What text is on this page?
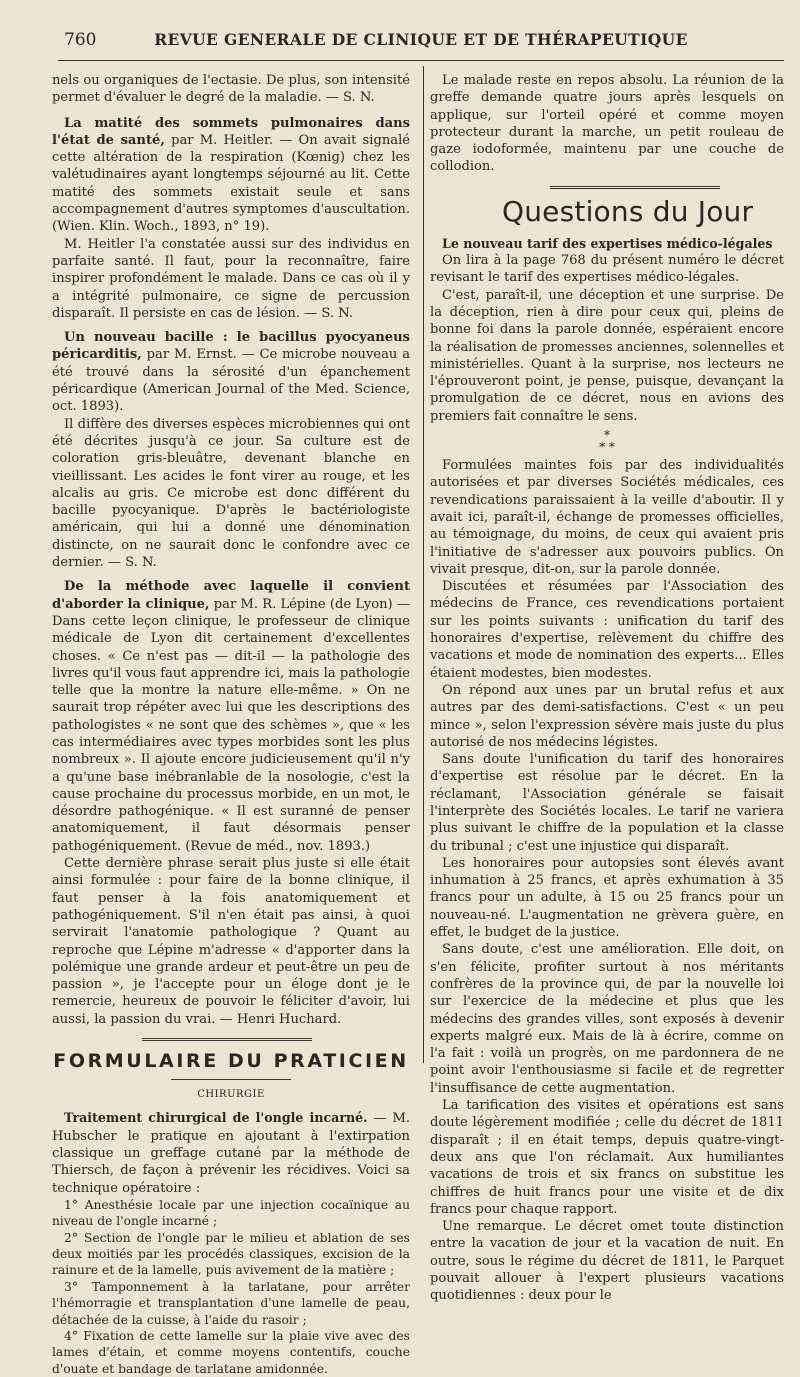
760	REVUE GENERALE DE CLINIQUE ET DE THÉRAPEUTIQUE

nels ou organiques de l'ectasie. De plus, son intensité permet d'évaluer le degré de la maladie. — S. N.

La matité des sommets pulmonaires dans l'état de santé, par M. Heitler. — On avait signalé cette altération de la respiration (Kœnig) chez les valétudinaires ayant longtemps séjourné au lit. Cette matité des sommets existait seule et sans accompagnement d'autres symptomes d'auscultation. (Wien. Klin. Woch., 1893, n° 19).

M. Heitler l'a constatée aussi sur des individus en parfaite santé. Il faut, pour la reconnaître, faire inspirer profondément le malade. Dans ce cas où il y a intégrité pulmonaire, ce signe de percussion disparaît. Il persiste en cas de lésion. — S. N.

Un nouveau bacille : le bacillus pyocyaneus péricarditis, par M. Ernst. — Ce microbe nouveau a été trouvé dans la sérosité d'un épanchement péricardique (American Journal of the Med. Science, oct. 1893).

Il diffère des diverses espèces microbiennes qui ont été décrites jusqu'à ce jour. Sa culture est de coloration gris-bleuâtre, devenant blanche en vieillissant. Les acides le font virer au rouge, et les alcalis au gris. Ce microbe est donc différent du bacille pyocyanique. D'après le bactériologiste américain, qui lui a donné une dénomination distincte, on ne saurait donc le confondre avec ce dernier. — S. N.

De la méthode avec laquelle il convient d'aborder la clinique, par M. R. Lépine (de Lyon) — Dans cette leçon clinique, le professeur de clinique médicale de Lyon dit certainement d'excellentes choses. « Ce n'est pas — dit-il — la pathologie des livres qu'il vous faut apprendre ici, mais la pathologie telle que la montre la nature elle-même. » On ne saurait trop répéter avec lui que les descriptions des pathologistes « ne sont que des schèmes », que « les cas intermédiaires avec types morbides sont les plus nombreux ». Il ajoute encore judicieusement qu'il n'y a qu'une base inébranlable de la nosologie, c'est la cause prochaine du processus morbide, en un mot, le désordre pathogénique. « Il est suranné de penser anatomiquement, il faut désormais penser pathogéniquement. (Revue de méd., nov. 1893.)

Cette dernière phrase serait plus juste si elle était ainsi formulée : pour faire de la bonne clinique, il faut penser à la fois anatomiquement et pathogéniquement. S'il n'en était pas ainsi, à quoi servirait l'anatomie pathologique ? Quant au reproche que Lépine m'adresse « d'apporter dans la polémique une grande ardeur et peut-être un peu de passion », je l'accepte pour un éloge dont je le remercie, heureux de pouvoir le féliciter d'avoir, lui aussi, la passion du vrai. — Henri Huchard.

FORMULAIRE DU PRATICIEN
CHIRURGIE

Traitement chirurgical de l'ongle incarné. — M. Hubscher le pratique en ajoutant à l'extirpation classique un greffage cutané par la méthode de Thiersch, de façon à prévenir les récidives. Voici sa technique opératoire :

1° Anesthésie locale par une injection cocaïnique au niveau de l'ongle incarné ;

2° Section de l'ongle par le milieu et ablation de ses deux moitiés par les procédés classiques, excision de la rainure et de la lamelle, puis avivement de la matière ;

3° Tamponnement à la tarlatane, pour arrêter l'hémorragie et transplantation d'une lamelle de peau, détachée de la cuisse, à l'aide du rasoir ;

4° Fixation de cette lamelle sur la plaie vive avec des lames d'étain, et comme moyens contentifs, couche d'ouate et bandage de tarlatane amidonnée.

Le malade reste en repos absolu. La réunion de la greffe demande quatre jours après lesquels on applique, sur l'orteil opéré et comme moyen protecteur durant la marche, un petit rouleau de gaze iodoformée, maintenu par une couche de collodion.

Questions du Jour

Le nouveau tarif des expertises médico-légales

On lira à la page 768 du présent numéro le décret revisant le tarif des expertises médico-légales.

C'est, paraît-il, une déception et une surprise. De la déception, rien à dire pour ceux qui, pleins de bonne foi dans la parole donnée, espéraient encore la réalisation de promesses anciennes, solennelles et ministérielles. Quant à la surprise, nos lecteurs ne l'éprouveront point, je pense, puisque, devançant la promulgation de ce décret, nous en avions des premiers fait connaître le sens.

*
* *

Formulées maintes fois par des individualités autorisées et par diverses Sociétés médicales, ces revendications paraissaient à la veille d'aboutir. Il y avait ici, paraît-il, échange de promesses officielles, au témoignage, du moins, de ceux qui avaient pris l'initiative de s'adresser aux pouvoirs publics. On vivait presque, dit-on, sur la parole donnée.

Discutées et résumées par l'Association des médecins de France, ces revendications portaient sur les points suivants : unification du tarif des honoraires d'expertise, relèvement du chiffre des vacations et mode de nomination des experts... Elles étaient modestes, bien modestes.

On répond aux unes par un brutal refus et aux autres par des demi-satisfactions. C'est « un peu mince », selon l'expression sévère mais juste du plus autorisé de nos médecins légistes.

Sans doute l'unification du tarif des honoraires d'expertise est résolue par le décret. En la réclamant, l'Association générale se faisait l'interprète des Sociétés locales. Le tarif ne variera plus suivant le chiffre de la population et la classe du tribunal ; c'est une injustice qui disparaît.

Les honoraires pour autopsies sont élevés avant inhumation à 25 francs, et après exhumation à 35 francs pour un adulte, à 15 ou 25 francs pour un nouveau-né. L'augmentation ne grèvera guère, en effet, le budget de la justice.

Sans doute, c'est une amélioration. Elle doit, on s'en félicite, profiter surtout à nos méritants confrères de la province qui, de par la nouvelle loi sur l'exercice de la médecine et plus que les médecins des grandes villes, sont exposés à devenir experts malgré eux. Mais de là à écrire, comme on l'a fait : voilà un progrès, on me pardonnera de ne point avoir l'enthousiasme si facile et de regretter l'insuffisance de cette augmentation.

La tarification des visites et opérations est sans doute légèrement modifiée ; celle du décret de 1811 disparaît ; il en était temps, depuis quatre-vingt-deux ans que l'on réclamait. Aux humiliantes vacations de trois et six francs on substitue les chiffres de huit francs pour une visite et de dix francs pour chaque rapport.

Une remarque. Le décret omet toute distinction entre la vacation de jour et la vacation de nuit. En outre, sous le régime du décret de 1811, le Parquet pouvait allouer à l'expert plusieurs vacations quotidiennes : deux pour le
